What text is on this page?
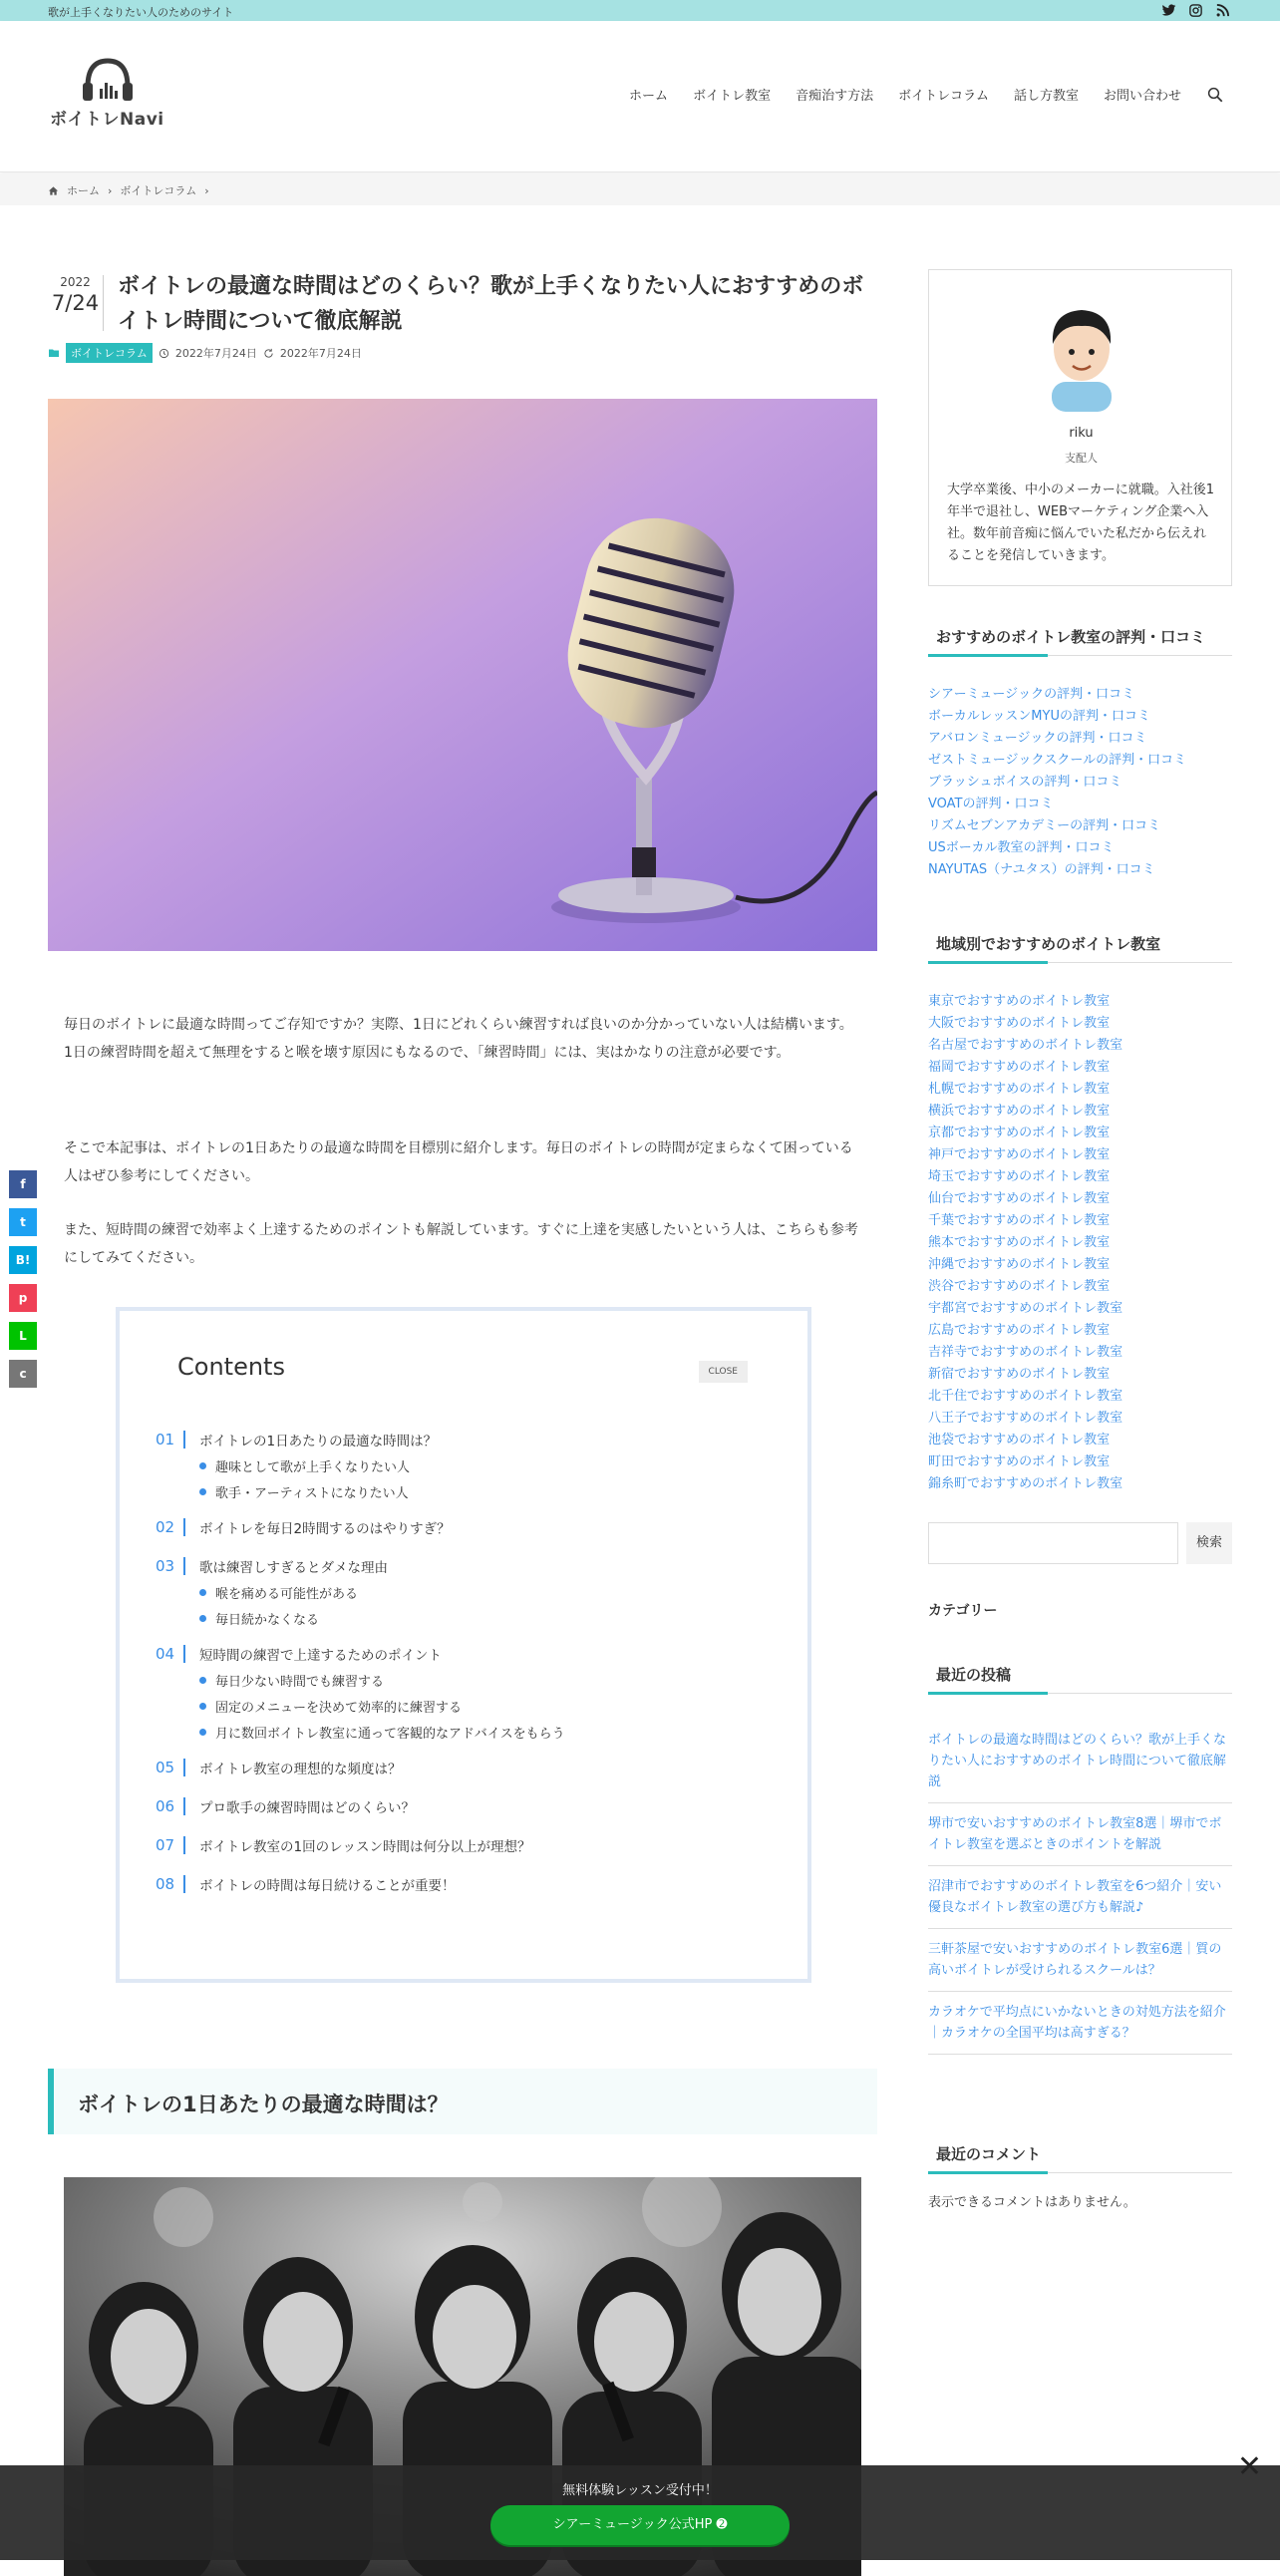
歌が上手くなりたい人のためのサイト
ボイトレNavi
ホーム ボイトレ教室 音痴治す方法 ボイトレコラム 話し方教室 お問い合わせ
ホーム › ボイトレコラム ›
2022
7/24
ボイトレの最適な時間はどのくらい？歌が上手くなりたい人におすすめのボイトレ時間について徹底解説
ボイトレコラム	2022年7月24日 2022年7月24日

毎日のボイトレに最適な時間ってご存知ですか？実際、1日にどれくらい練習すれば良いのか分かっていない人は結構います。1日の練習時間を超えて無理をすると喉を壊す原因にもなるので、「練習時間」には、実はかなりの注意が必要です。

そこで本記事は、ボイトレの1日あたりの最適な時間を目標別に紹介します。毎日のボイトレの時間が定まらなくて困っている人はぜひ参考にしてください。

また、短時間の練習で効率よく上達するためのポイントも解説しています。すぐに上達を実感したいという人は、こちらも参考にしてみてください。

Contents	CLOSE
01	ボイトレの1日あたりの最適な時間は？
趣味として歌が上手くなりたい人
歌手・アーティストになりたい人
02	ボイトレを毎日2時間するのはやりすぎ？
03	歌は練習しすぎるとダメな理由
喉を痛める可能性がある
毎日続かなくなる
04	短時間の練習で上達するためのポイント
毎日少ない時間でも練習する
固定のメニューを決めて効率的に練習する
月に数回ボイトレ教室に通って客観的なアドバイスをもらう
05	ボイトレ教室の理想的な頻度は？
06	プロ歌手の練習時間はどのくらい？
07	ボイトレ教室の1回のレッスン時間は何分以上が理想？
08	ボイトレの時間は毎日続けることが重要！
ボイトレの1日あたりの最適な時間は？
f
t
B!
p
L
c
riku
支配人
大学卒業後、中小のメーカーに就職。入社後1年半で退社し、WEBマーケティング企業へ入社。数年前音痴に悩んでいた私だから伝えれることを発信していきます。
おすすめのボイトレ教室の評判・口コミ
シアーミュージックの評判・口コミ
ボーカルレッスンMYUの評判・口コミ
アバロンミュージックの評判・口コミ
ゼストミュージックスクールの評判・口コミ
ブラッシュボイスの評判・口コミ
VOATの評判・口コミ
リズムセブンアカデミーの評判・口コミ
USボーカル教室の評判・口コミ
NAYUTAS（ナユタス）の評判・口コミ
地域別でおすすめのボイトレ教室
東京でおすすめのボイトレ教室
大阪でおすすめのボイトレ教室
名古屋でおすすめのボイトレ教室
福岡でおすすめのボイトレ教室
札幌でおすすめのボイトレ教室
横浜でおすすめのボイトレ教室
京都でおすすめのボイトレ教室
神戸でおすすめのボイトレ教室
埼玉でおすすめのボイトレ教室
仙台でおすすめのボイトレ教室
千葉でおすすめのボイトレ教室
熊本でおすすめのボイトレ教室
沖縄でおすすめのボイトレ教室
渋谷でおすすめのボイトレ教室
宇都宮でおすすめのボイトレ教室
広島でおすすめのボイトレ教室
吉祥寺でおすすめのボイトレ教室
新宿でおすすめのボイトレ教室
北千住でおすすめのボイトレ教室
八王子でおすすめのボイトレ教室
池袋でおすすめのボイトレ教室
町田でおすすめのボイトレ教室
錦糸町でおすすめのボイトレ教室
検索
カテゴリー
最近の投稿
ボイトレの最適な時間はどのくらい？歌が上手くなりたい人におすすめのボイトレ時間について徹底解説
堺市で安いおすすめのボイトレ教室8選｜堺市でボイトレ教室を選ぶときのポイントを解説
沼津市でおすすめのボイトレ教室を6つ紹介｜安い優良なボイトレ教室の選び方も解説♪
三軒茶屋で安いおすすめのボイトレ教室6選｜質の高いボイトレが受けられるスクールは？
カラオケで平均点にいかないときの対処方法を紹介｜カラオケの全国平均は高すぎる？
最近のコメント
表示できるコメントはありません。
✕
無料体験レッスン受付中！
シアーミュージック公式HP ➋
